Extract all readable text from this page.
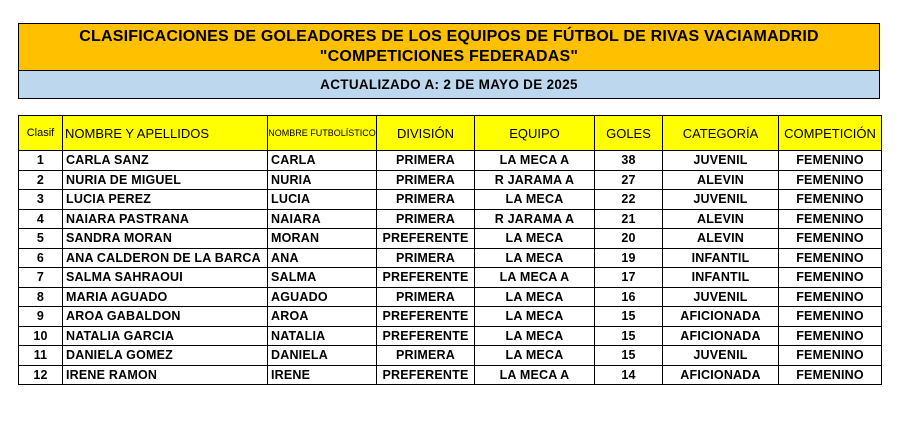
CLASIFICACIONES DE GOLEADORES DE LOS EQUIPOS DE FÚTBOL DE RIVAS VACIAMADRID
"COMPETICIONES FEDERADAS"
ACTUALIZADO A: 2 DE MAYO DE 2025
Clasif	NOMBRE Y APELLIDOS	NOMBRE FUTBOLÍSTICO	DIVISIÓN	EQUIPO	GOLES	CATEGORÍA	COMPETICIÓN
1	CARLA SANZ	CARLA	PRIMERA	LA MECA A	38	JUVENIL	FEMENINO
2	NURIA DE MIGUEL	NURIA	PRIMERA	R JARAMA A	27	ALEVIN	FEMENINO
3	LUCIA PEREZ	LUCIA	PRIMERA	LA MECA	22	JUVENIL	FEMENINO
4	NAIARA PASTRANA	NAIARA	PRIMERA	R JARAMA A	21	ALEVIN	FEMENINO
5	SANDRA MORAN	MORAN	PREFERENTE	LA MECA	20	ALEVIN	FEMENINO
6	ANA CALDERON DE LA BARCA	ANA	PRIMERA	LA MECA	19	INFANTIL	FEMENINO
7	SALMA SAHRAOUI	SALMA	PREFERENTE	LA MECA A	17	INFANTIL	FEMENINO
8	MARIA AGUADO	AGUADO	PRIMERA	LA MECA	16	JUVENIL	FEMENINO
9	AROA GABALDON	AROA	PREFERENTE	LA MECA	15	AFICIONADA	FEMENINO
10	NATALIA GARCIA	NATALIA	PREFERENTE	LA MECA	15	AFICIONADA	FEMENINO
11	DANIELA GOMEZ	DANIELA	PRIMERA	LA MECA	15	JUVENIL	FEMENINO
12	IRENE RAMON	IRENE	PREFERENTE	LA MECA A	14	AFICIONADA	FEMENINO
